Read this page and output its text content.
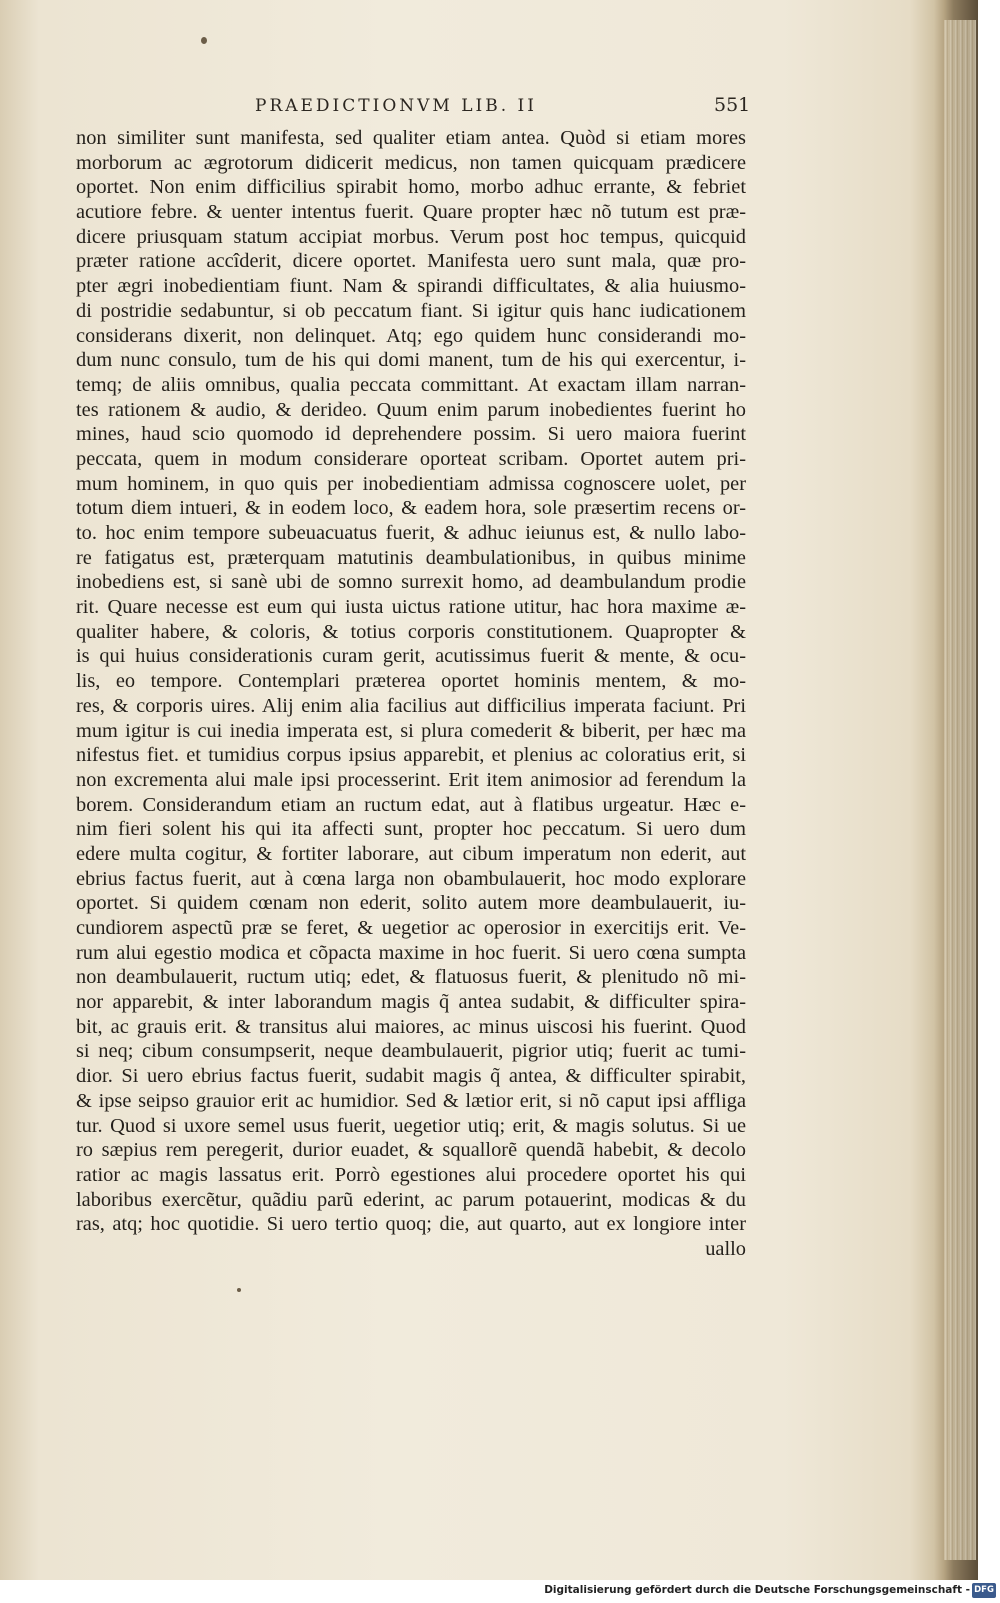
PRAEDICTIONVM LIB. II	551
non similiter sunt manifesta, sed qualiter etiam antea. Quòd si etiam mores
morborum ac ægrotorum didicerit medicus, non tamen quicquam prædicere
oportet. Non enim difficilius spirabit homo, morbo adhuc errante, & febriet
acutiore febre. & uenter intentus fuerit. Quare propter hæc nõ tutum est præ-
dicere priusquam statum accipiat morbus. Verum post hoc tempus, quicquid
præter ratione accîderit, dicere oportet. Manifesta uero sunt mala, quæ pro-
pter ægri inobedientiam fiunt. Nam & spirandi difficultates, & alia huiusmo-
di postridie sedabuntur, si ob peccatum fiant. Si igitur quis hanc iudicationem
considerans dixerit, non delinquet. Atq; ego quidem hunc considerandi mo-
dum nunc consulo, tum de his qui domi manent, tum de his qui exercentur, i-
temq; de aliis omnibus, qualia peccata committant. At exactam illam narran-
tes rationem & audio, & derideo. Quum enim parum inobedientes fuerint ho
mines, haud scio quomodo id deprehendere possim. Si uero maiora fuerint
peccata, quem in modum considerare oporteat scribam. Oportet autem pri-
mum hominem, in quo quis per inobedientiam admissa cognoscere uolet, per
totum diem intueri, & in eodem loco, & eadem hora, sole præsertim recens or-
to. hoc enim tempore subeuacuatus fuerit, & adhuc ieiunus est, & nullo labo-
re fatigatus est, præterquam matutinis deambulationibus, in quibus minime
inobediens est, si sanè ubi de somno surrexit homo, ad deambulandum prodie
rit. Quare necesse est eum qui iusta uictus ratione utitur, hac hora maxime æ-
qualiter habere, & coloris, & totius corporis constitutionem. Quapropter &
is qui huius considerationis curam gerit, acutissimus fuerit & mente, & ocu-
lis, eo tempore. Contemplari præterea oportet hominis mentem, & mo-
res, & corporis uires. Alij enim alia facilius aut difficilius imperata faciunt. Pri
mum igitur is cui inedia imperata est, si plura comederit & biberit, per hæc ma
nifestus fiet. et tumidius corpus ipsius apparebit, et plenius ac coloratius erit, si
non excrementa alui male ipsi processerint. Erit item animosior ad ferendum la
borem. Considerandum etiam an ructum edat, aut à flatibus urgeatur. Hæc e-
nim fieri solent his qui ita affecti sunt, propter hoc peccatum. Si uero dum
edere multa cogitur, & fortiter laborare, aut cibum imperatum non ederit, aut
ebrius factus fuerit, aut à cœna larga non obambulauerit, hoc modo explorare
oportet. Si quidem cœnam non ederit, solito autem more deambulauerit, iu-
cundiorem aspectũ præ se feret, & uegetior ac operosior in exercitijs erit. Ve-
rum alui egestio modica et cõpacta maxime in hoc fuerit. Si uero cœna sumpta
non deambulauerit, ructum utiq; edet, & flatuosus fuerit, & plenitudo nõ mi-
nor apparebit, & inter laborandum magis q̃ antea sudabit, & difficulter spira-
bit, ac grauis erit. & transitus alui maiores, ac minus uiscosi his fuerint. Quod
si neq; cibum consumpserit, neque deambulauerit, pigrior utiq; fuerit ac tumi-
dior. Si uero ebrius factus fuerit, sudabit magis q̃ antea, & difficulter spirabit,
& ipse seipso grauior erit ac humidior. Sed & lætior erit, si nõ caput ipsi affliga
tur. Quod si uxore semel usus fuerit, uegetior utiq; erit, & magis solutus. Si ue
ro sæpius rem peregerit, durior euadet, & squallorẽ quendã habebit, & decolo
ratior ac magis lassatus erit. Porrò egestiones alui procedere oportet his qui
laboribus exercẽtur, quãdiu parũ ederint, ac parum potauerint, modicas & du
ras, atq; hoc quotidie. Si uero tertio quoq; die, aut quarto, aut ex longiore inter
uallo
Digitalisierung gefördert durch die Deutsche Forschungsgemeinschaft - DFG
